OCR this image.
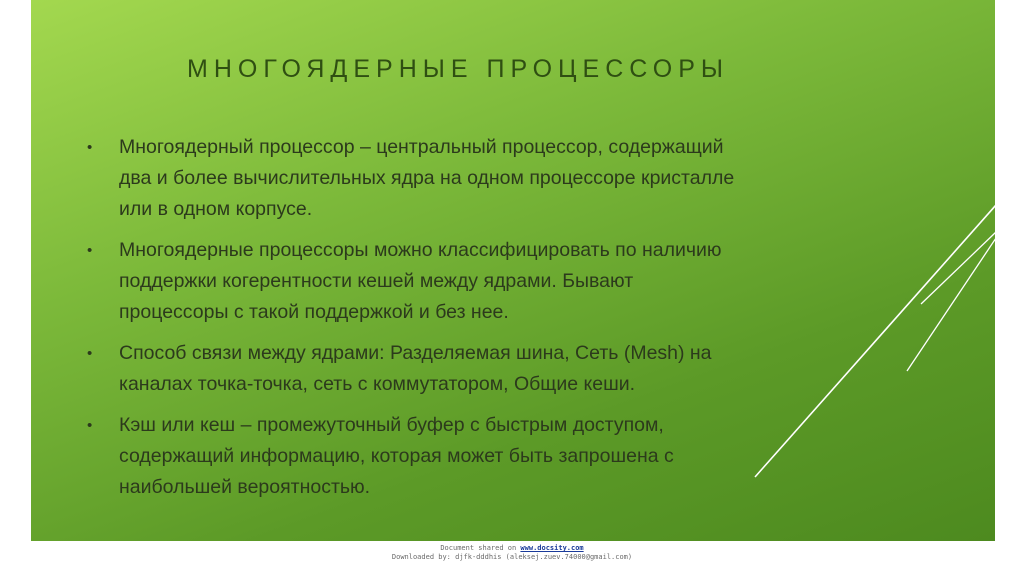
МНОГОЯДЕРНЫЕ ПРОЦЕССОРЫ
• Многоядерный процессор – центральный процессор, содержащий два и более вычислительных ядра на одном процессоре кристалле или в одном корпусе.
• Многоядерные процессоры можно классифицировать по наличию поддержки когерентности кешей между ядрами. Бывают процессоры с такой поддержкой и без нее.
• Способ связи между ядрами: Разделяемая шина, Сеть (Mesh) на каналах точка-точка, сеть с коммутатором, Общие кеши.
• Кэш или кеш – промежуточный буфер с быстрым доступом, содержащий информацию, которая может быть запрошена с наибольшей вероятностью.
Document shared on www.docsity.com
Downloaded by: djfk-dddhis (aleksej.zuev.74000@gmail.com)
